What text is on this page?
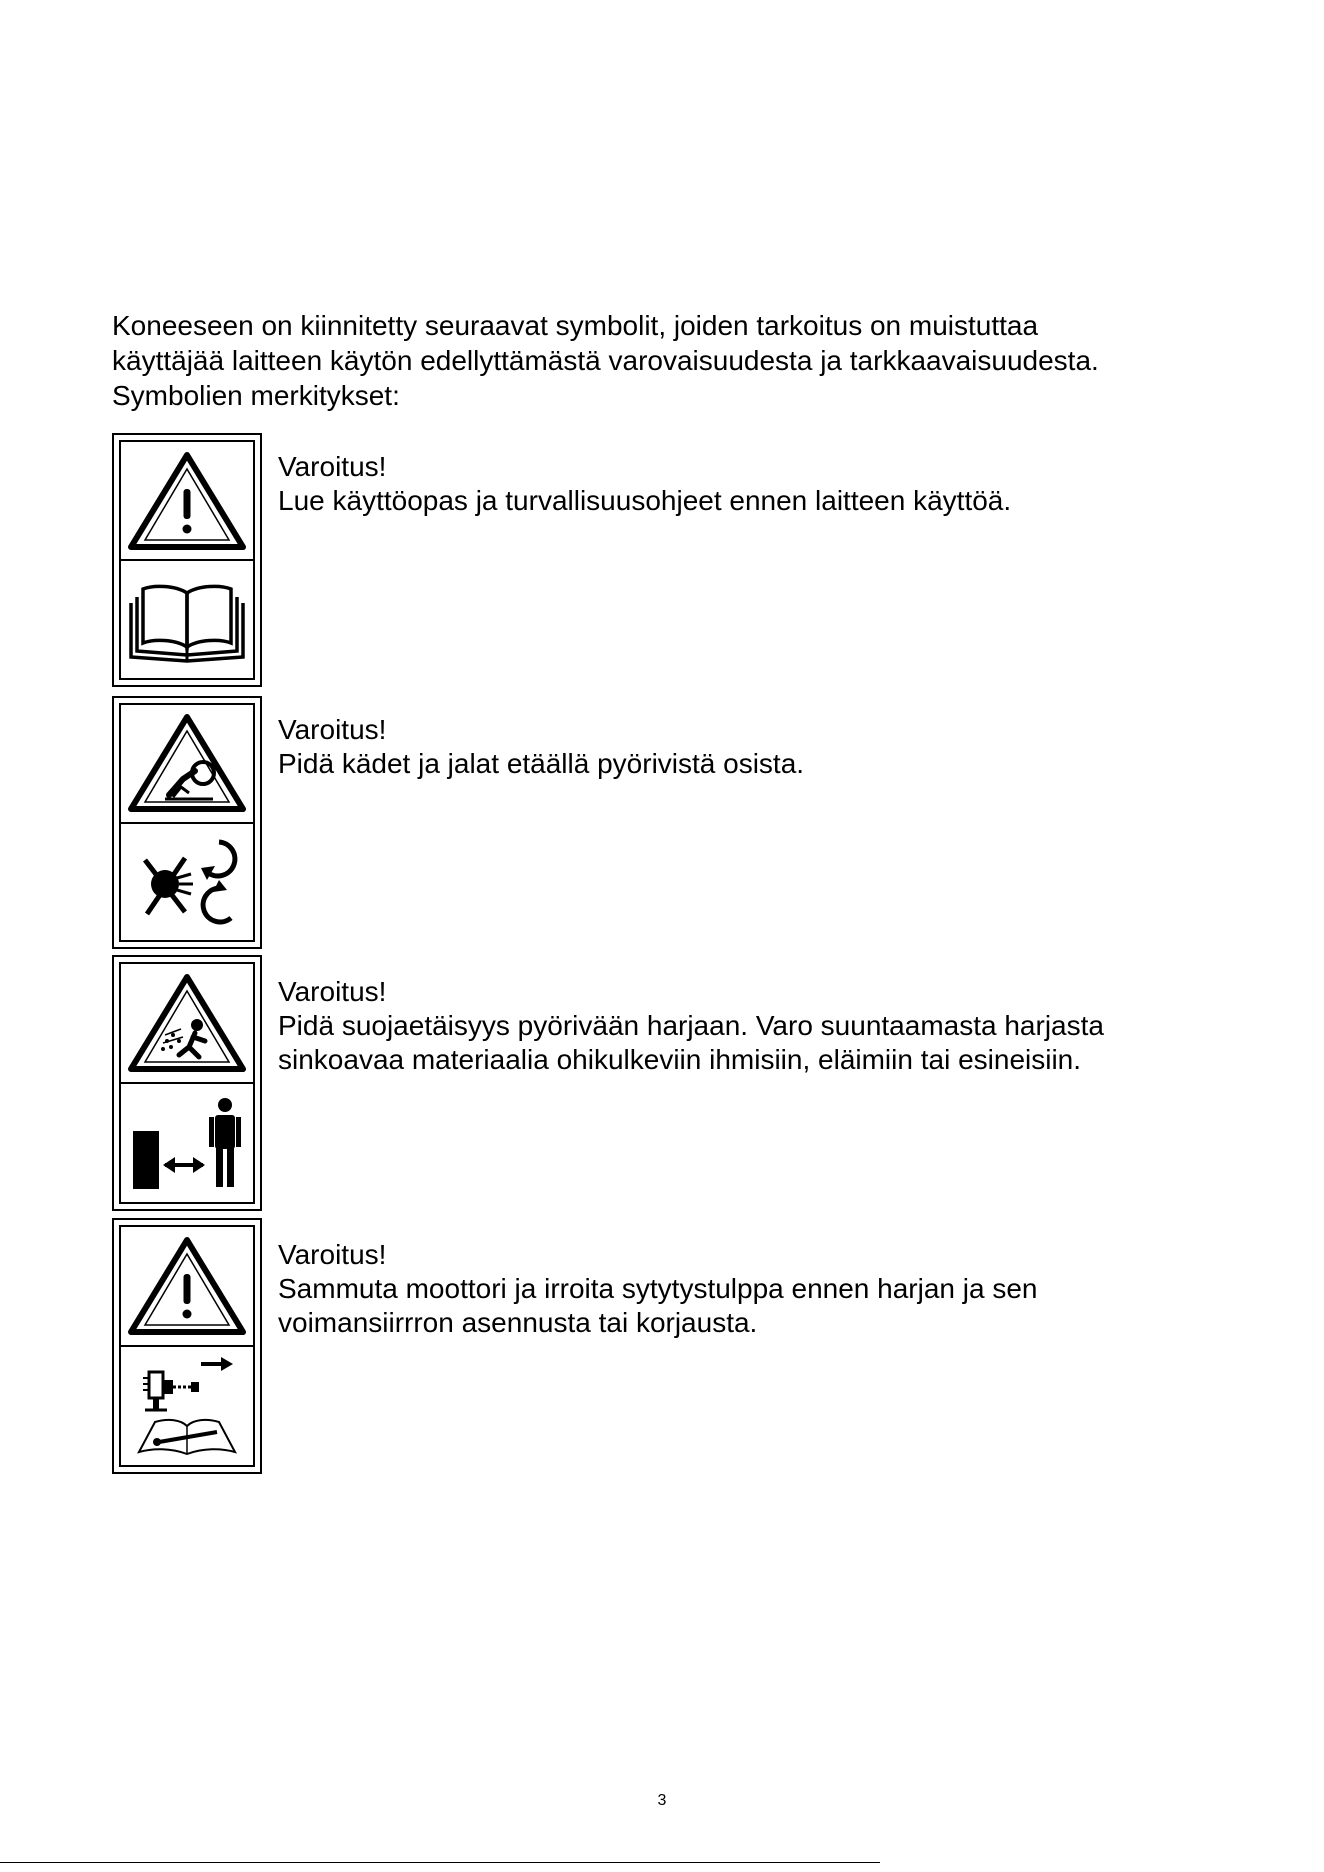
Koneeseen on kiinnitetty seuraavat symbolit, joiden tarkoitus on muistuttaa
käyttäjää laitteen käytön edellyttämästä varovaisuudesta ja tarkkaavaisuudesta.
Symbolien merkitykset:

Varoitus!
Lue käyttöopas ja turvallisuusohjeet ennen laitteen käyttöä.
Varoitus!
Pidä kädet ja jalat etäällä pyörivistä osista.
Varoitus!
Pidä suojaetäisyys pyörivään harjaan. Varo suuntaamasta harjasta
sinkoavaa materiaalia ohikulkeviin ihmisiin, eläimiin tai esineisiin.
Varoitus!
Sammuta moottori ja irroita sytytystulppa ennen harjan ja sen
voimansiirrron asennusta tai korjausta.
3
